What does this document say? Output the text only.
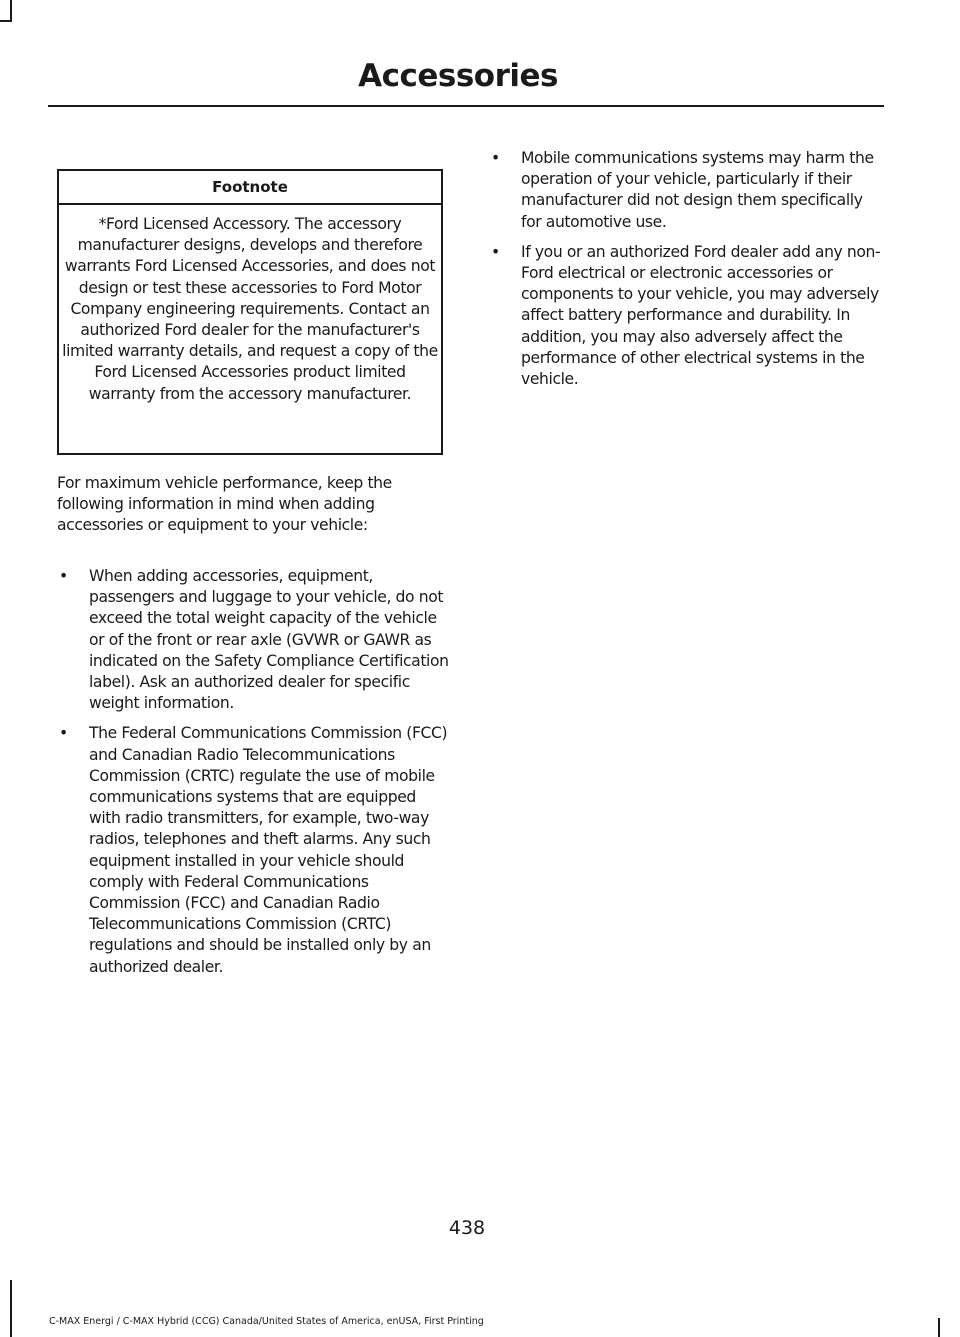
Accessories
Footnote
*Ford Licensed Accessory. The accessory manufacturer designs, develops and therefore warrants Ford Licensed Accessories, and does not design or test these accessories to Ford Motor Company engineering requirements. Contact an authorized Ford dealer for the manufacturer's limited warranty details, and request a copy of the Ford Licensed Accessories product limited warranty from the accessory manufacturer.

For maximum vehicle performance, keep the following information in mind when adding accessories or equipment to your vehicle:

• When adding accessories, equipment, passengers and luggage to your vehicle, do not exceed the total weight capacity of the vehicle or of the front or rear axle (GVWR or GAWR as indicated on the Safety Compliance Certification label). Ask an authorized dealer for specific weight information.
• The Federal Communications Commission (FCC) and Canadian Radio Telecommunications Commission (CRTC) regulate the use of mobile communications systems that are equipped with radio transmitters, for example, two-way radios, telephones and theft alarms. Any such equipment installed in your vehicle should comply with Federal Communications Commission (FCC) and Canadian Radio Telecommunications Commission (CRTC) regulations and should be installed only by an authorized dealer.
• Mobile communications systems may harm the operation of your vehicle, particularly if their manufacturer did not design them specifically for automotive use.
• If you or an authorized Ford dealer add any non-Ford electrical or electronic accessories or components to your vehicle, you may adversely affect battery performance and durability. In addition, you may also adversely affect the performance of other electrical systems in the vehicle.
438
C-MAX Energi / C-MAX Hybrid (CCG) Canada/United States of America, enUSA, First Printing
